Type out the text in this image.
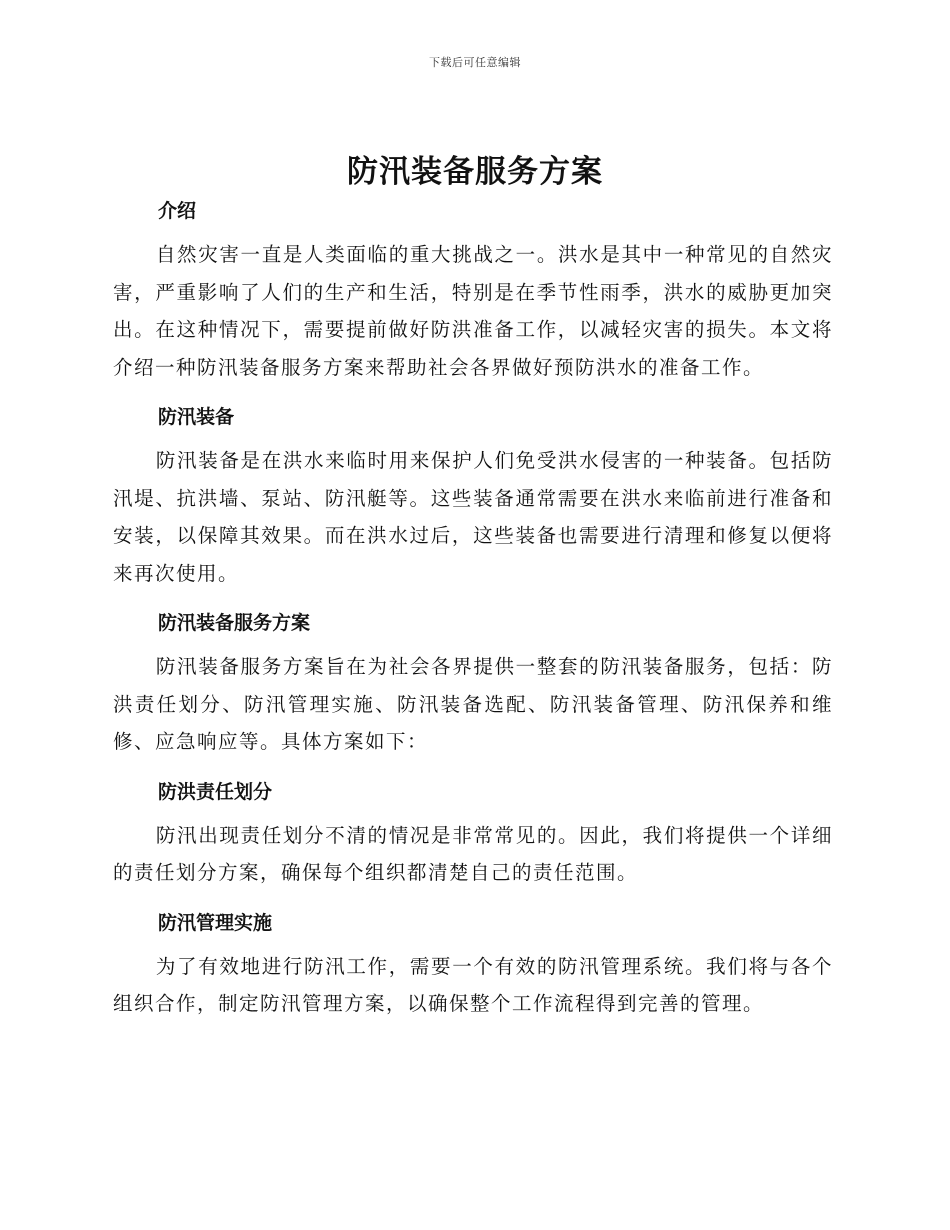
下载后可任意编辑
防汛装备服务方案
介绍

自然灾害一直是人类面临的重大挑战之一。洪水是其中一种常见的自然灾害，严重影响了人们的生产和生活，特别是在季节性雨季，洪水的威胁更加突出。在这种情况下，需要提前做好防洪准备工作，以减轻灾害的损失。本文将介绍一种防汛装备服务方案来帮助社会各界做好预防洪水的准备工作。

防汛装备

防汛装备是在洪水来临时用来保护人们免受洪水侵害的一种装备。包括防汛堤、抗洪墙、泵站、防汛艇等。这些装备通常需要在洪水来临前进行准备和安装，以保障其效果。而在洪水过后，这些装备也需要进行清理和修复以便将来再次使用。

防汛装备服务方案

防汛装备服务方案旨在为社会各界提供一整套的防汛装备服务，包括：防洪责任划分、防汛管理实施、防汛装备选配、防汛装备管理、防汛保养和维修、应急响应等。具体方案如下：

防洪责任划分

防汛出现责任划分不清的情况是非常常见的。因此，我们将提供一个详细的责任划分方案，确保每个组织都清楚自己的责任范围。

防汛管理实施

为了有效地进行防汛工作，需要一个有效的防汛管理系统。我们将与各个组织合作，制定防汛管理方案，以确保整个工作流程得到完善的管理。
